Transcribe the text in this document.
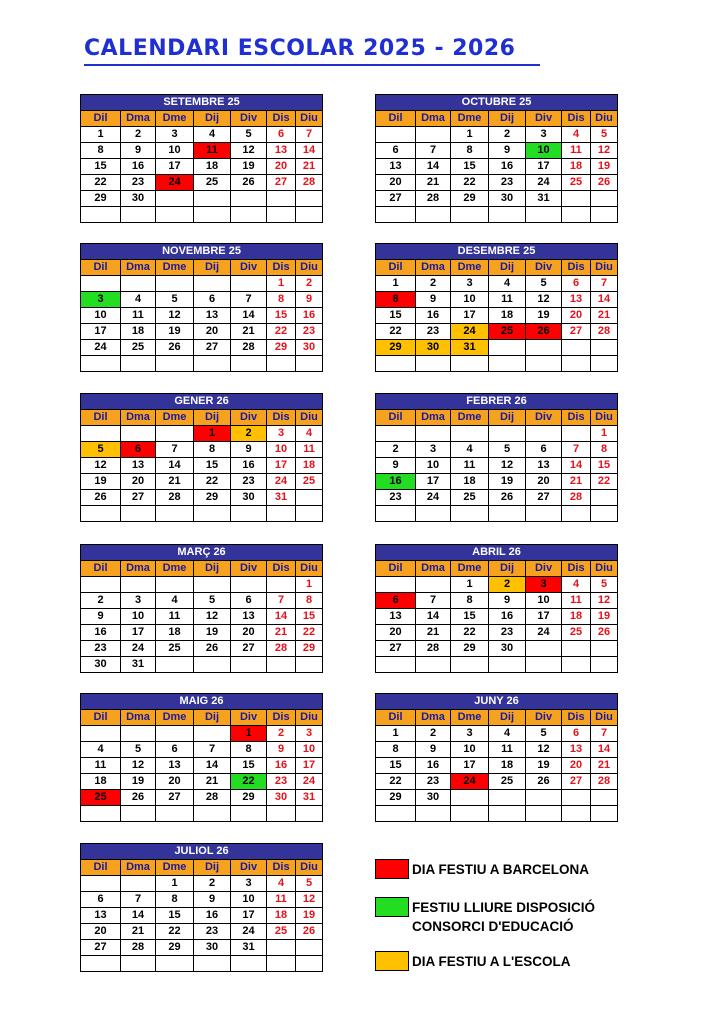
CALENDARI ESCOLAR 2025 - 2026
SETEMBRE 25						
Dil	Dma	Dme	Dij	Div	Dis	Diu
1	2	3	4	5	6	7
8	9	10	11	12	13	14
15	16	17	18	19	20	21
22	23	24	25	26	27	28
29	30					

OCTUBRE 25						
Dil	Dma	Dme	Dij	Div	Dis	Diu
		1	2	3	4	5
6	7	8	9	10	11	12
13	14	15	16	17	18	19
20	21	22	23	24	25	26
27	28	29	30	31		

NOVEMBRE 25						
Dil	Dma	Dme	Dij	Div	Dis	Diu
					1	2
3	4	5	6	7	8	9
10	11	12	13	14	15	16
17	18	19	20	21	22	23
24	25	26	27	28	29	30

DESEMBRE 25						
Dil	Dma	Dme	Dij	Div	Dis	Diu
1	2	3	4	5	6	7
8	9	10	11	12	13	14
15	16	17	18	19	20	21
22	23	24	25	26	27	28
29	30	31				

GENER 26						
Dil	Dma	Dme	Dij	Div	Dis	Diu
			1	2	3	4
5	6	7	8	9	10	11
12	13	14	15	16	17	18
19	20	21	22	23	24	25
26	27	28	29	30	31	

FEBRER 26						
Dil	Dma	Dme	Dij	Div	Dis	Diu
						1
2	3	4	5	6	7	8
9	10	11	12	13	14	15
16	17	18	19	20	21	22
23	24	25	26	27	28	

MARÇ 26						
Dil	Dma	Dme	Dij	Div	Dis	Diu
						1
2	3	4	5	6	7	8
9	10	11	12	13	14	15
16	17	18	19	20	21	22
23	24	25	26	27	28	29
30	31					
ABRIL 26						
Dil	Dma	Dme	Dij	Div	Dis	Diu
		1	2	3	4	5
6	7	8	9	10	11	12
13	14	15	16	17	18	19
20	21	22	23	24	25	26
27	28	29	30			

MAIG 26						
Dil	Dma	Dme	Dij	Div	Dis	Diu
				1	2	3
4	5	6	7	8	9	10
11	12	13	14	15	16	17
18	19	20	21	22	23	24
25	26	27	28	29	30	31

JUNY 26						
Dil	Dma	Dme	Dij	Div	Dis	Diu
1	2	3	4	5	6	7
8	9	10	11	12	13	14
15	16	17	18	19	20	21
22	23	24	25	26	27	28
29	30					

JULIOL 26						
Dil	Dma	Dme	Dij	Div	Dis	Diu
		1	2	3	4	5
6	7	8	9	10	11	12
13	14	15	16	17	18	19
20	21	22	23	24	25	26
27	28	29	30	31		

DIA FESTIU A BARCELONA
FESTIU LLIURE DISPOSICIÓ
CONSORCI D'EDUCACIÓ
DIA FESTIU A L'ESCOLA
